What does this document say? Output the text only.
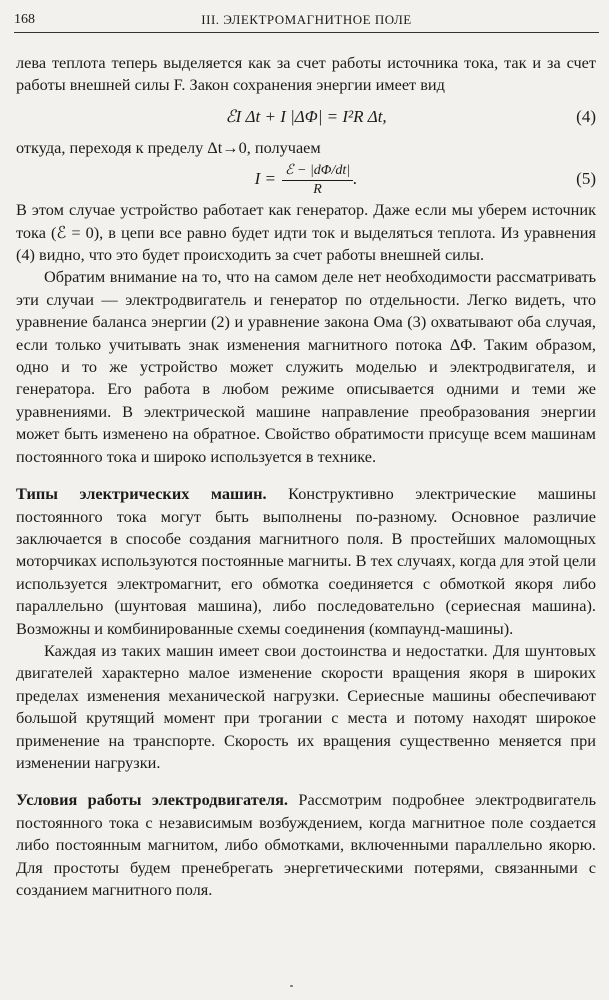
168	III. ЭЛЕКТРОМАГНИТНОЕ ПОЛЕ

лева теплота теперь выделяется как за счет работы источника тока, так и за счет работы внешней силы F. Закон сохранения энергии имеет вид

ℰI Δt + I |ΔΦ| = I²R Δt,	(4)

откуда, переходя к пределу Δt→0, получаем

$I = \frac{\text{ℰ − |dΦ/dt|}}{R}$ .	(5)

В этом случае устройство работает как генератор. Даже если мы уберем источник тока (ℰ = 0), в цепи все равно будет идти ток и выделяться теплота. Из уравнения (4) видно, что это будет происходить за счет работы внешней силы.

Обратим внимание на то, что на самом деле нет необходимости рассматривать эти случаи — электродвигатель и генератор по отдельности. Легко видеть, что уравнение баланса энергии (2) и уравнение закона Ома (3) охватывают оба случая, если только учитывать знак изменения магнитного потока ΔΦ. Таким образом, одно и то же устройство может служить моделью и электродвигателя, и генератора. Его работа в любом режиме описывается одними и теми же уравнениями. В электрической машине направление преобразования энергии может быть изменено на обратное. Свойство обратимости присуще всем машинам постоянного тока и широко используется в технике.

Типы электрических машин. Конструктивно электрические машины постоянного тока могут быть выполнены по-разному. Основное различие заключается в способе создания магнитного поля. В простейших маломощных моторчиках используются постоянные магниты. В тех случаях, когда для этой цели используется электромагнит, его обмотка соединяется с обмоткой якоря либо параллельно (шунтовая машина), либо последовательно (сериесная машина). Возможны и комбинированные схемы соединения (компаунд-машины).

Каждая из таких машин имеет свои достоинства и недостатки. Для шунтовых двигателей характерно малое изменение скорости вращения якоря в широких пределах изменения механической нагрузки. Сериесные машины обеспечивают большой крутящий момент при трогании с места и потому находят широкое применение на транспорте. Скорость их вращения существенно меняется при изменении нагрузки.

Условия работы электродвигателя. Рассмотрим подробнее электродвигатель постоянного тока с независимым возбуждением, когда магнитное поле создается либо постоянным магнитом, либо обмотками, включенными параллельно якорю. Для простоты будем пренебрегать энергетическими потерями, связанными с созданием магнитного поля.
